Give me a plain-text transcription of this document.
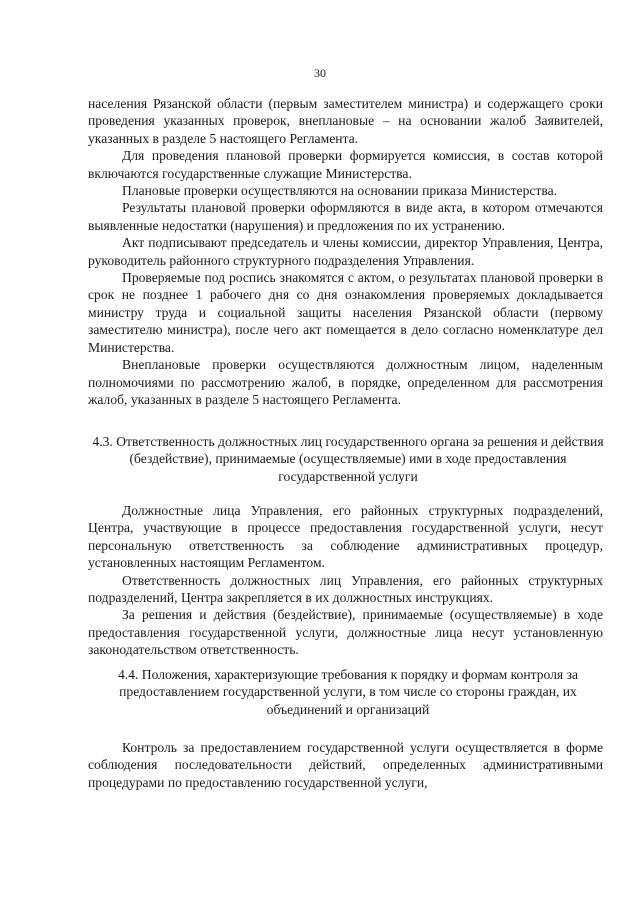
30

населения Рязанской области (первым заместителем министра) и содержащего сроки проведения указанных проверок, внеплановые – на основании жалоб Заявителей, указанных в разделе 5 настоящего Регламента.

Для проведения плановой проверки формируется комиссия, в состав которой включаются государственные служащие Министерства.

Плановые проверки осуществляются на основании приказа Министерства.

Результаты плановой проверки оформляются в виде акта, в котором отмечаются выявленные недостатки (нарушения) и предложения по их устранению.

Акт подписывают председатель и члены комиссии, директор Управления, Центра, руководитель районного структурного подразделения Управления.

Проверяемые под роспись знакомятся с актом, о результатах плановой проверки в срок не позднее 1 рабочего дня со дня ознакомления проверяемых докладывается министру труда и социальной защиты населения Рязанской области (первому заместителю министра), после чего акт помещается в дело согласно номенклатуре дел Министерства.

Внеплановые проверки осуществляются должностным лицом, наделенным полномочиями по рассмотрению жалоб, в порядке, определенном для рассмотрения жалоб, указанных в разделе 5 настоящего Регламента.

4.3. Ответственность должностных лиц государственного органа за решения и действия (бездействие), принимаемые (осуществляемые) ими в ходе предоставления государственной услуги

Должностные лица Управления, его районных структурных подразделений, Центра, участвующие в процессе предоставления государственной услуги, несут персональную ответственность за соблюдение административных процедур, установленных настоящим Регламентом.

Ответственность должностных лиц Управления, его районных структурных подразделений, Центра закрепляется в их должностных инструкциях.

За решения и действия (бездействие), принимаемые (осуществляемые) в ходе предоставления государственной услуги, должностные лица несут установленную законодательством ответственность.

4.4. Положения, характеризующие требования к порядку и формам контроля за предоставлением государственной услуги, в том числе со стороны граждан, их объединений и организаций

Контроль за предоставлением государственной услуги осуществляется в форме соблюдения последовательности действий, определенных административными процедурами по предоставлению государственной услуги,
